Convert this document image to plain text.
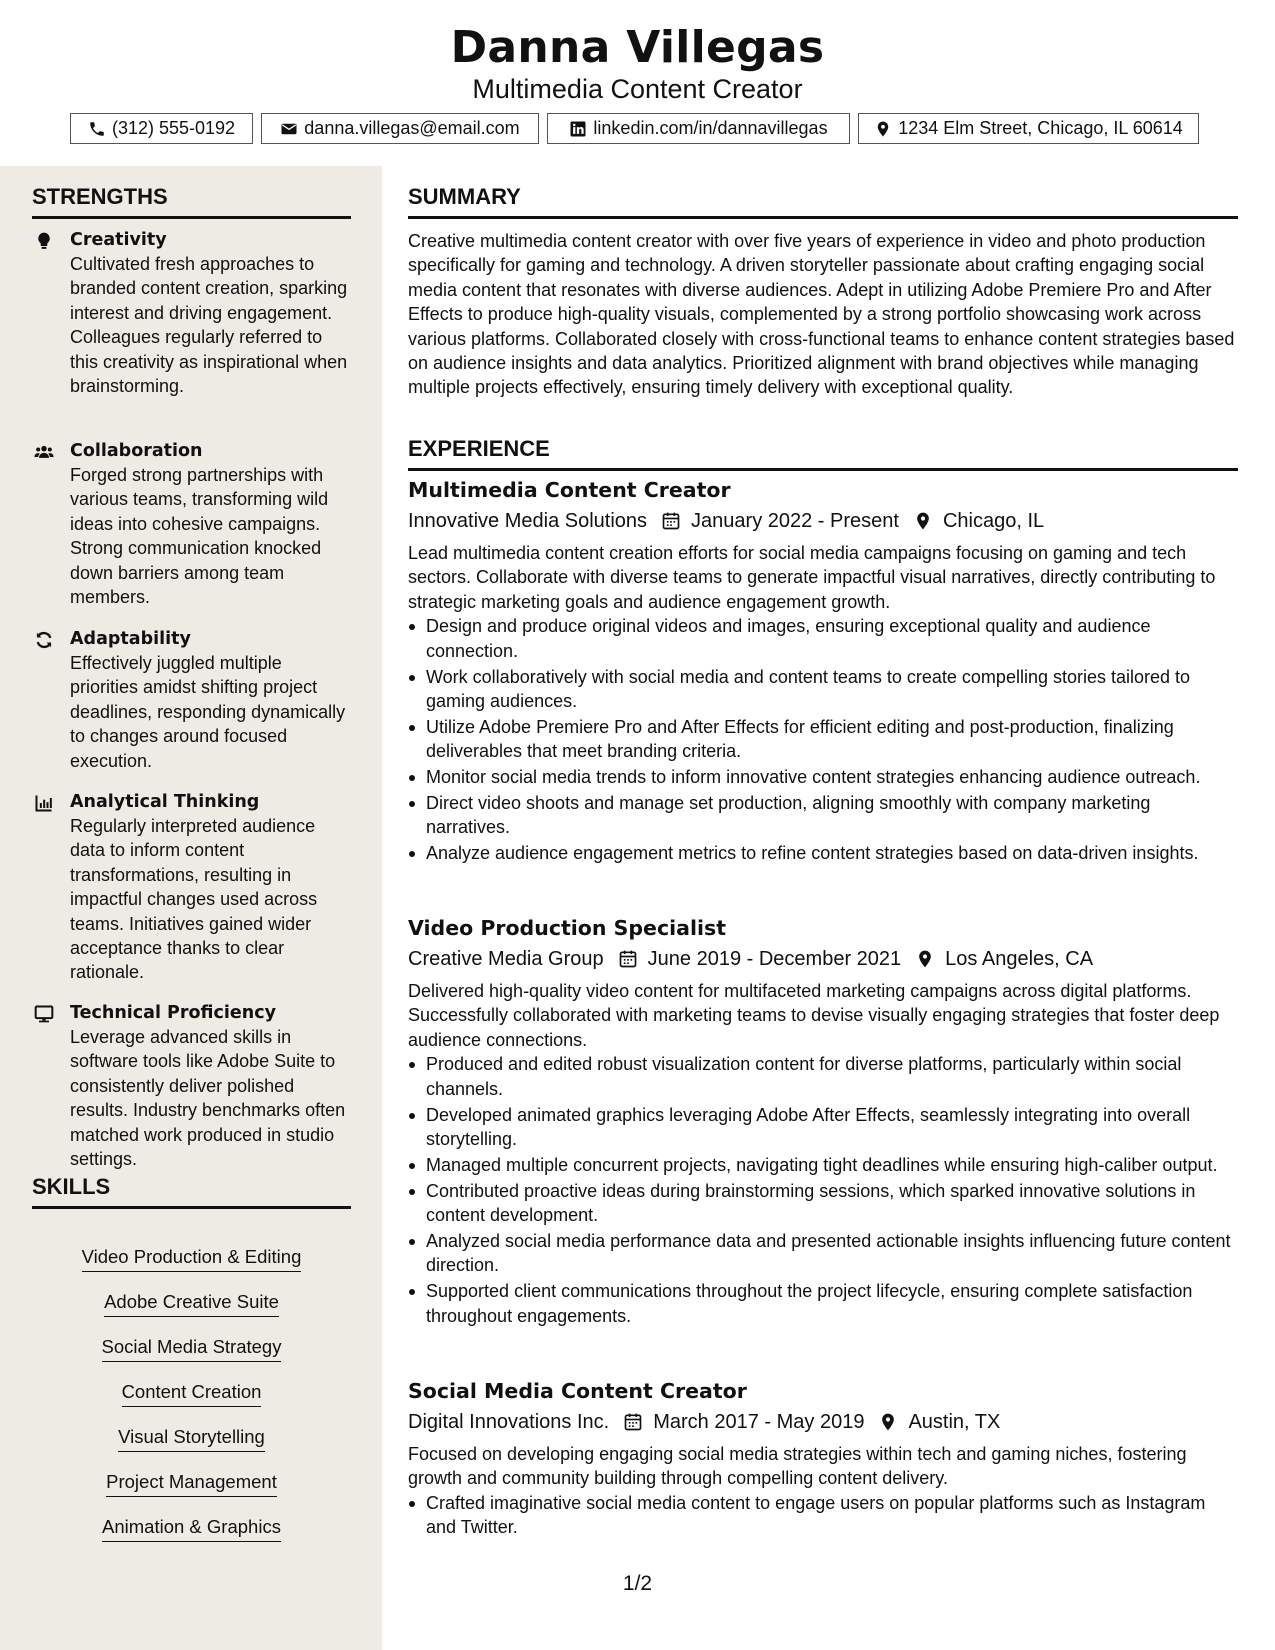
Danna Villegas
Multimedia Content Creator
(312) 555-0192	danna.villegas@email.com	linkedin.com/in/dannavillegas	1234 Elm Street, Chicago, IL 60614
STRENGTHS
Creativity
Cultivated fresh approaches to branded content creation, sparking interest and driving engagement. Colleagues regularly referred to this creativity as inspirational when brainstorming.
Collaboration
Forged strong partnerships with various teams, transforming wild ideas into cohesive campaigns. Strong communication knocked down barriers among team members.
Adaptability
Effectively juggled multiple priorities amidst shifting project deadlines, responding dynamically to changes around focused execution.
Analytical Thinking
Regularly interpreted audience data to inform content transformations, resulting in impactful changes used across teams. Initiatives gained wider acceptance thanks to clear rationale.
Technical Proficiency
Leverage advanced skills in software tools like Adobe Suite to consistently deliver polished results. Industry benchmarks often matched work produced in studio settings.
SKILLS
Video Production & Editing
Adobe Creative Suite
Social Media Strategy
Content Creation
Visual Storytelling
Project Management
Animation & Graphics
SUMMARY
Creative multimedia content creator with over five years of experience in video and photo production specifically for gaming and technology. A driven storyteller passionate about crafting engaging social media content that resonates with diverse audiences. Adept in utilizing Adobe Premiere Pro and After Effects to produce high-quality visuals, complemented by a strong portfolio showcasing work across various platforms. Collaborated closely with cross-functional teams to enhance content strategies based on audience insights and data analytics. Prioritized alignment with brand objectives while managing multiple projects effectively, ensuring timely delivery with exceptional quality.
EXPERIENCE
Multimedia Content Creator
Innovative Media Solutions January 2022 - Present Chicago, IL
Lead multimedia content creation efforts for social media campaigns focusing on gaming and tech sectors. Collaborate with diverse teams to generate impactful visual narratives, directly contributing to strategic marketing goals and audience engagement growth.
Design and produce original videos and images, ensuring exceptional quality and audience connection.
Work collaboratively with social media and content teams to create compelling stories tailored to gaming audiences.
Utilize Adobe Premiere Pro and After Effects for efficient editing and post-production, finalizing deliverables that meet branding criteria.
Monitor social media trends to inform innovative content strategies enhancing audience outreach.
Direct video shoots and manage set production, aligning smoothly with company marketing narratives.
Analyze audience engagement metrics to refine content strategies based on data-driven insights.
Video Production Specialist
Creative Media Group June 2019 - December 2021 Los Angeles, CA
Delivered high-quality video content for multifaceted marketing campaigns across digital platforms. Successfully collaborated with marketing teams to devise visually engaging strategies that foster deep audience connections.
Produced and edited robust visualization content for diverse platforms, particularly within social channels.
Developed animated graphics leveraging Adobe After Effects, seamlessly integrating into overall storytelling.
Managed multiple concurrent projects, navigating tight deadlines while ensuring high-caliber output.
Contributed proactive ideas during brainstorming sessions, which sparked innovative solutions in content development.
Analyzed social media performance data and presented actionable insights influencing future content direction.
Supported client communications throughout the project lifecycle, ensuring complete satisfaction throughout engagements.
Social Media Content Creator
Digital Innovations Inc. March 2017 - May 2019 Austin, TX
Focused on developing engaging social media strategies within tech and gaming niches, fostering growth and community building through compelling content delivery.
Crafted imaginative social media content to engage users on popular platforms such as Instagram and Twitter.
1/2
